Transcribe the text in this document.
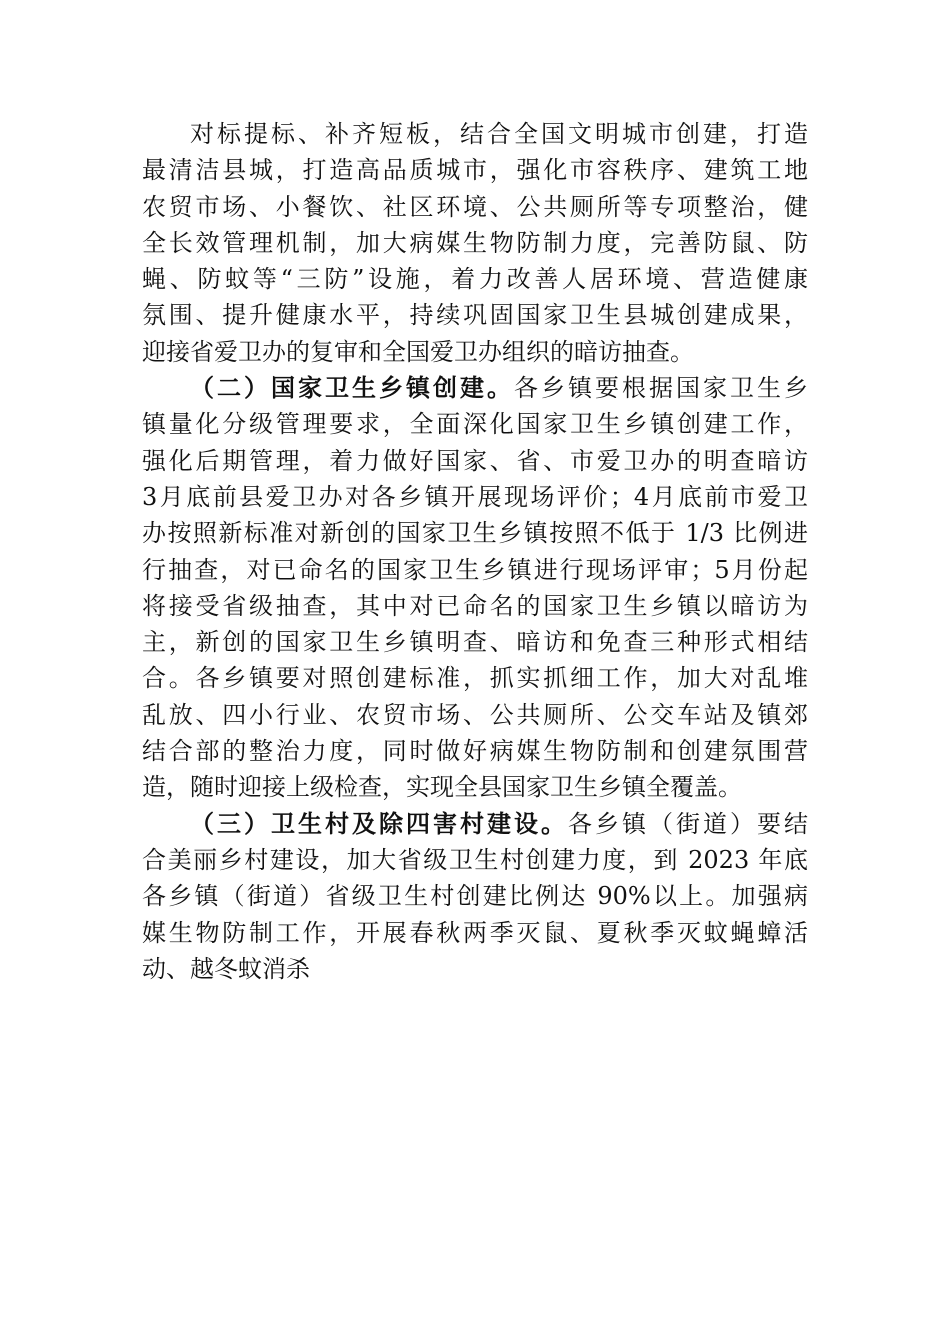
对标提标、补齐短板，结合全国文明城市创建，打造
最清洁县城，打造高品质城市，强化市容秩序、建筑工地
农贸市场、小餐饮、社区环境、公共厕所等专项整治，健
全长效管理机制，加大病媒生物防制力度，完善防鼠、防
蝇、防蚊等“三防”设施，着力改善人居环境、营造健康
氛围、提升健康水平，持续巩固国家卫生县城创建成果，
迎接省爱卫办的复审和全国爱卫办组织的暗访抽查。
（二）国家卫生乡镇创建。各乡镇要根据国家卫生乡
镇量化分级管理要求，全面深化国家卫生乡镇创建工作，
强化后期管理，着力做好国家、省、市爱卫办的明查暗访
3月底前县爱卫办对各乡镇开展现场评价；4月底前市爱卫
办按照新标准对新创的国家卫生乡镇按照不低于 1/3 比例进
行抽查，对已命名的国家卫生乡镇进行现场评审；5月份起
将接受省级抽查，其中对已命名的国家卫生乡镇以暗访为
主，新创的国家卫生乡镇明查、暗访和免查三种形式相结
合。各乡镇要对照创建标准，抓实抓细工作，加大对乱堆
乱放、四小行业、农贸市场、公共厕所、公交车站及镇郊
结合部的整治力度，同时做好病媒生物防制和创建氛围营
造，随时迎接上级检查，实现全县国家卫生乡镇全覆盖。
（三）卫生村及除四害村建设。各乡镇（街道）要结
合美丽乡村建设，加大省级卫生村创建力度，到 2023 年底
各乡镇（街道）省级卫生村创建比例达 90%以上。加强病
媒生物防制工作，开展春秋两季灭鼠、夏秋季灭蚊蝇蟑活
动、越冬蚊消杀
